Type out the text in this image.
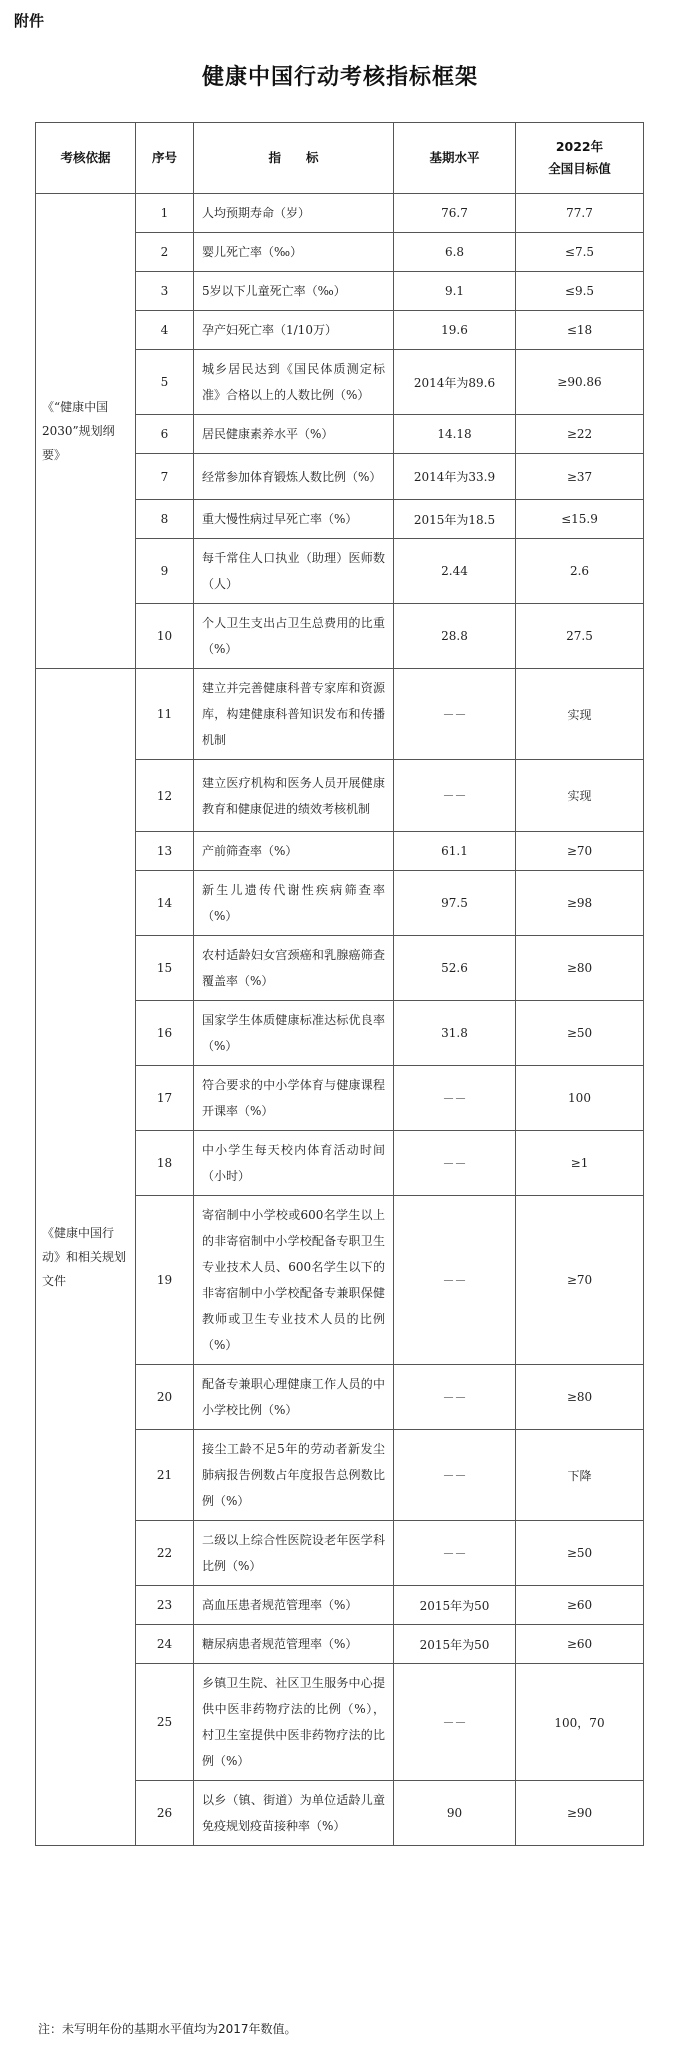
附件
健康中国行动考核指标框架
考核依据	序号	指　　标	基期水平	2022年
全国目标值
《“健康中国2030”规划纲要》	1	人均预期寿命（岁）	76.7	77.7
	2	婴儿死亡率（‰）	6.8	≤7.5
	3	5岁以下儿童死亡率（‰）	9.1	≤9.5
	4	孕产妇死亡率（1/10万）	19.6	≤18
	5	城乡居民达到《国民体质测定标准》合格以上的人数比例（%）	2014年为89.6	≥90.86
	6	居民健康素养水平（%）	14.18	≥22
	7	经常参加体育锻炼人数比例（%）	2014年为33.9	≥37
	8	重大慢性病过早死亡率（%）	2015年为18.5	≤15.9
	9	每千常住人口执业（助理）医师数（人）	2.44	2.6
	10	个人卫生支出占卫生总费用的比重（%）	28.8	27.5
《健康中国行动》和相关规划文件	11	建立并完善健康科普专家库和资源库，构建健康科普知识发布和传播机制	－－	实现
	12	建立医疗机构和医务人员开展健康教育和健康促进的绩效考核机制	－－	实现
	13	产前筛查率（%）	61.1	≥70
	14	新生儿遗传代谢性疾病筛查率（%）	97.5	≥98
	15	农村适龄妇女宫颈癌和乳腺癌筛查覆盖率（%）	52.6	≥80
	16	国家学生体质健康标准达标优良率（%）	31.8	≥50
	17	符合要求的中小学体育与健康课程开课率（%）	－－	100
	18	中小学生每天校内体育活动时间（小时）	－－	≥1
	19	寄宿制中小学校或600名学生以上的非寄宿制中小学校配备专职卫生专业技术人员、600名学生以下的非寄宿制中小学校配备专兼职保健教师或卫生专业技术人员的比例（%）	－－	≥70
	20	配备专兼职心理健康工作人员的中小学校比例（%）	－－	≥80
	21	接尘工龄不足5年的劳动者新发尘肺病报告例数占年度报告总例数比例（%）	－－	下降
	22	二级以上综合性医院设老年医学科比例（%）	－－	≥50
	23	高血压患者规范管理率（%）	2015年为50	≥60
	24	糖尿病患者规范管理率（%）	2015年为50	≥60
	25	乡镇卫生院、社区卫生服务中心提供中医非药物疗法的比例（%），村卫生室提供中医非药物疗法的比例（%）	－－	100，70
	26	以乡（镇、街道）为单位适龄儿童免疫规划疫苗接种率（%）	90	≥90
注：未写明年份的基期水平值均为2017年数值。
